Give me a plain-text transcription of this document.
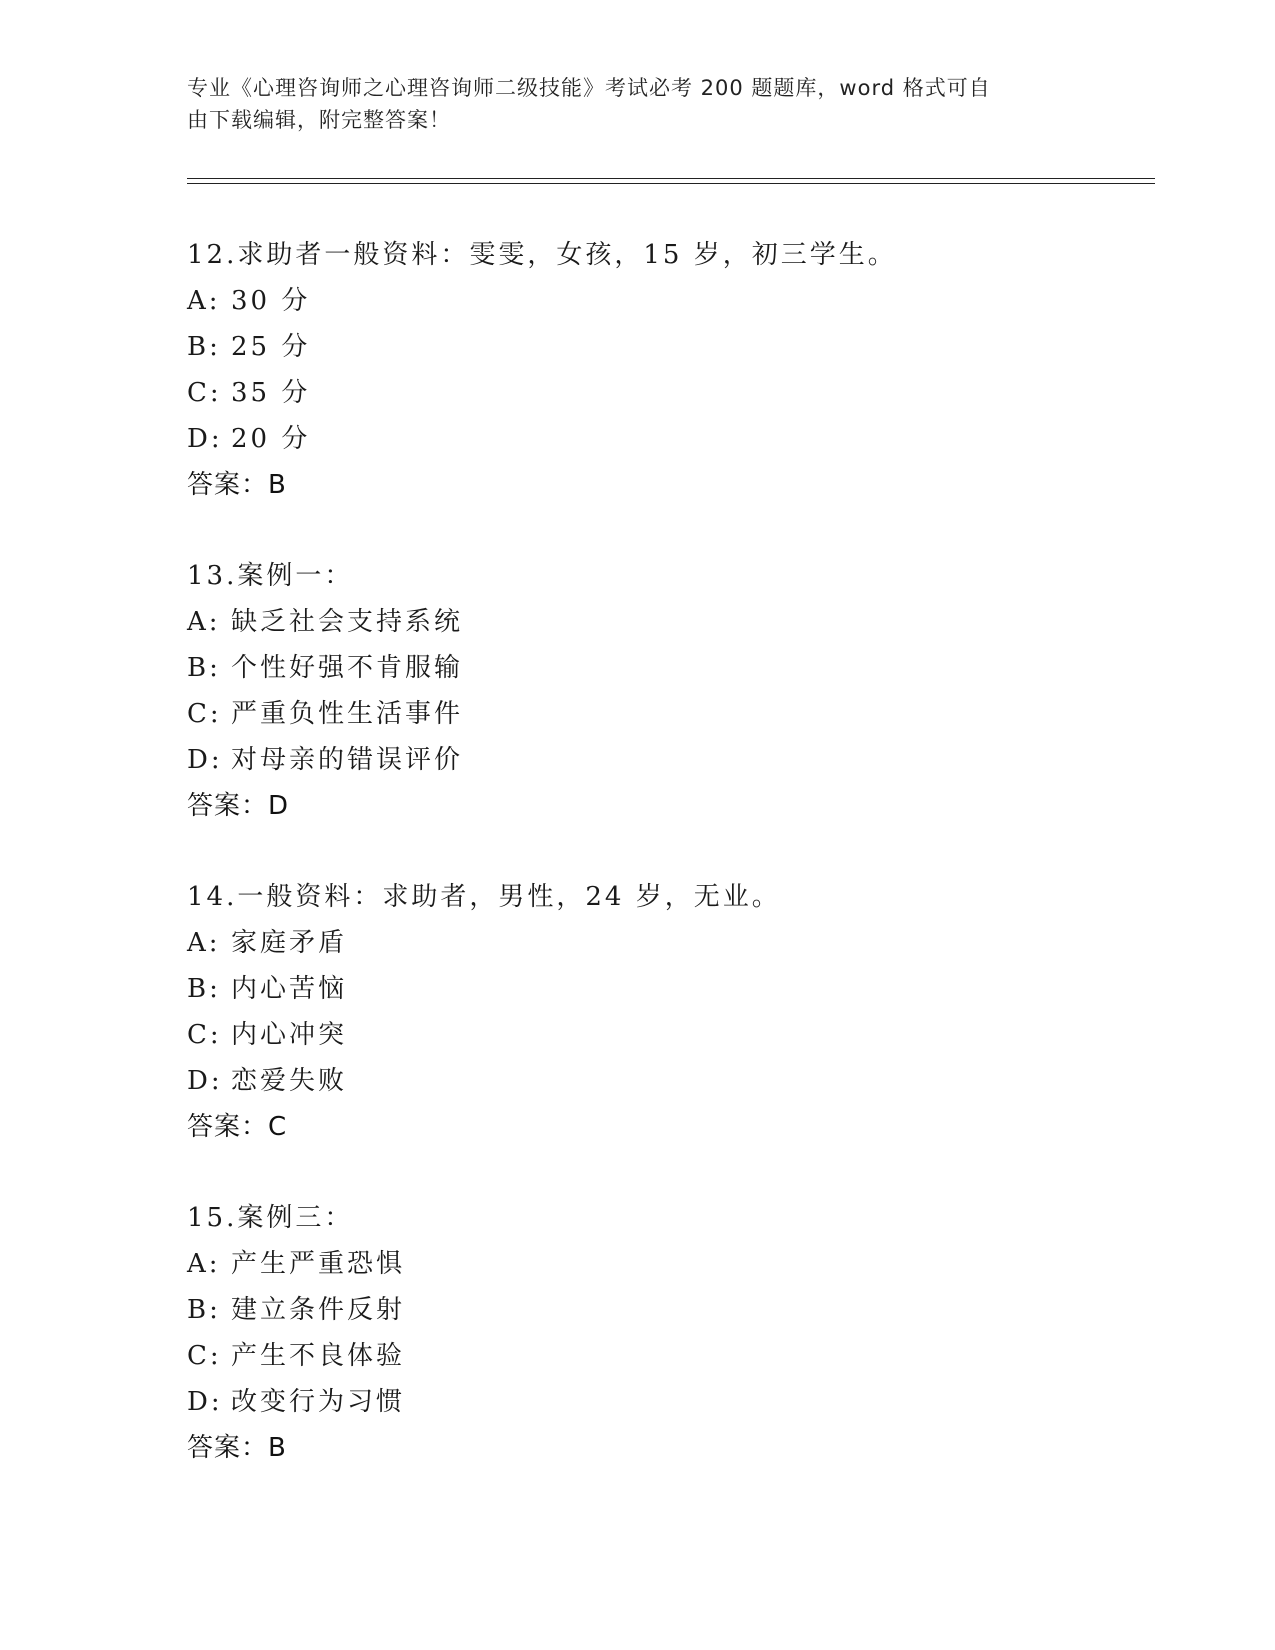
专业《心理咨询师之心理咨询师二级技能》考试必考 200 题题库，word 格式可自
由下载编辑，附完整答案！
12.求助者一般资料：雯雯，女孩，15 岁，初三学生。
A: 30 分
B: 25 分
C: 35 分
D: 20 分
答案：B
13.案例一：
A: 缺乏社会支持系统
B: 个性好强不肯服输
C: 严重负性生活事件
D: 对母亲的错误评价
答案：D
14.一般资料：求助者，男性，24 岁，无业。
A: 家庭矛盾
B: 内心苦恼
C: 内心冲突
D: 恋爱失败
答案：C
15.案例三：
A: 产生严重恐惧
B: 建立条件反射
C: 产生不良体验
D: 改变行为习惯
答案：B
